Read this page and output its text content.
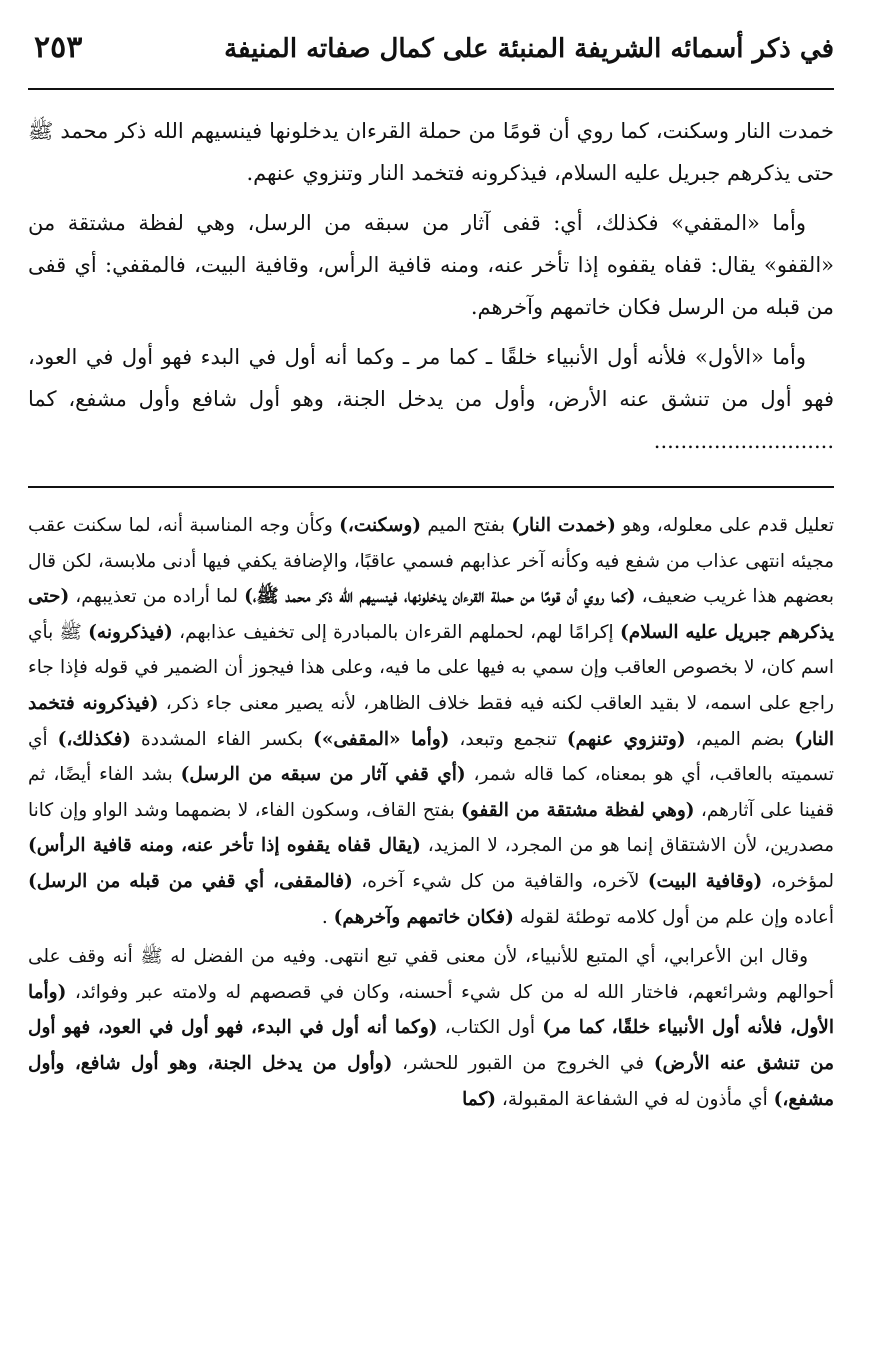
في ذكر أسمائه الشريفة المنبئة على كمال صفاته المنيفة
٢٥٣

خمدت النار وسكنت، كما روي أن قومًا من حملة القرءان يدخلونها فينسيهم الله ذكر محمد ﷺ حتى يذكرهم جبريل عليه السلام، فيذكرونه فتخمد النار وتنزوي عنهم.

وأما «المقفي» فكذلك، أي: قفى آثار من سبقه من الرسل، وهي لفظة مشتقة من «القفو» يقال: قفاه يقفوه إذا تأخر عنه، ومنه قافية الرأس، وقافية البيت، فالمقفي: أي قفى من قبله من الرسل فكان خاتمهم وآخرهم.

وأما «الأول» فلأنه أول الأنبياء خلقًا ـ كما مر ـ وكما أنه أول في البدء فهو أول في العود، فهو أول من تنشق عنه الأرض، وأول من يدخل الجنة، وهو أول شافع وأول مشفع، كما ...........................

تعليل قدم على معلوله، وهو (خمدت النار) بفتح الميم (وسكنت،) وكأن وجه المناسبة أنه، لما سكنت عقب مجيئه انتهى عذاب من شفع فيه وكأنه آخر عذابهم فسمي عاقبًا، والإضافة يكفي فيها أدنى ملابسة، لكن قال بعضهم هذا غريب ضعيف، (كما روي أن قومًا من حملة القرءان يدخلونها، فينسيهم الله ذكر محمد ﷺ،) لما أراده من تعذيبهم، (حتى يذكرهم جبريل عليه السلام) إكرامًا لهم، لحملهم القرءان بالمبادرة إلى تخفيف عذابهم، (فيذكرونه) ﷺ بأي اسم كان، لا بخصوص العاقب وإن سمي به فيها على ما فيه، وعلى هذا فيجوز أن الضمير في قوله فإذا جاء راجع على اسمه، لا بقيد العاقب لكنه فيه فقط خلاف الظاهر، لأنه يصير معنى جاء ذكر، (فيذكرونه فتخمد النار) بضم الميم، (وتنزوي عنهم) تنجمع وتبعد، (وأما «المقفى») بكسر الفاء المشددة (فكذلك،) أي تسميته بالعاقب، أي هو بمعناه، كما قاله شمر، (أي قفي آثار من سبقه من الرسل) بشد الفاء أيضًا، ثم قفينا على آثارهم، (وهي لفظة مشتقة من القفو) بفتح القاف، وسكون الفاء، لا بضمهما وشد الواو وإن كانا مصدرين، لأن الاشتقاق إنما هو من المجرد، لا المزيد، (يقال قفاه يقفوه إذا تأخر عنه، ومنه قافية الرأس) لمؤخره، (وقافية البيت) لآخره، والقافية من كل شيء آخره، (فالمقفى، أي قفي من قبله من الرسل) أعاده وإن علم من أول كلامه توطئة لقوله (فكان خاتمهم وآخرهم) .

وقال ابن الأعرابي، أي المتبع للأنبياء، لأن معنى قفي تبع انتهى. وفيه من الفضل له ﷺ أنه وقف على أحوالهم وشرائعهم، فاختار الله له من كل شيء أحسنه، وكان في قصصهم له ولامته عبر وفوائد، (وأما الأول، فلأنه أول الأنبياء خلقًا، كما مر) أول الكتاب، (وكما أنه أول في البدء، فهو أول في العود، فهو أول من تنشق عنه الأرض) في الخروج من القبور للحشر، (وأول من يدخل الجنة، وهو أول شافع، وأول مشفع،) أي مأذون له في الشفاعة المقبولة، (كما
